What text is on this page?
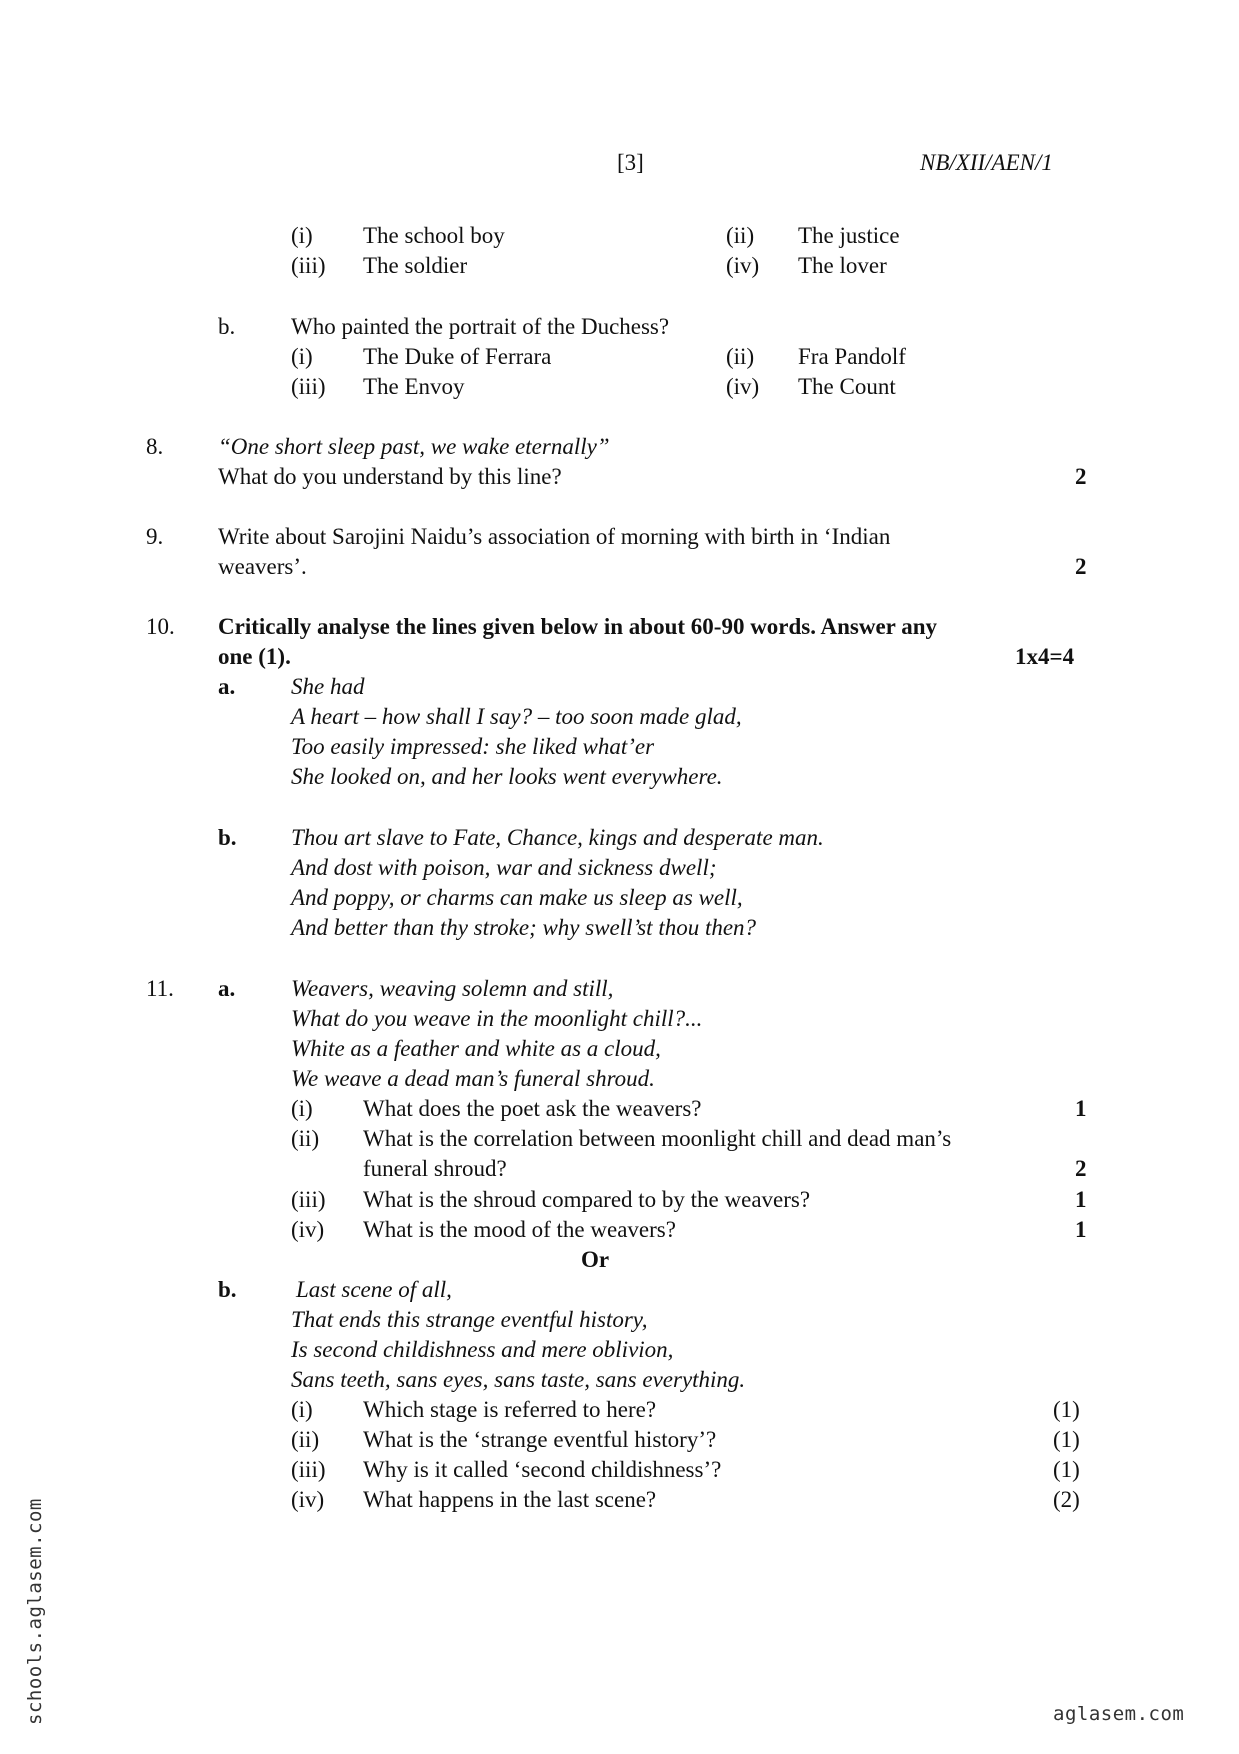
[3]	NB/XII/AEN/1
(i) The school boy	(ii) The justice
(iii) The soldier	(iv) The lover
b. Who painted the portrait of the Duchess?
(i) The Duke of Ferrara	(ii) Fra Pandolf
(iii) The Envoy	(iv) The Count
8. “One short sleep past, we wake eternally”
What do you understand by this line?	2
9. Write about Sarojini Naidu’s association of morning with birth in ‘Indian
weavers’.	2
10. Critically analyse the lines given below in about 60-90 words. Answer any
one (1).	1x4=4
a. She had
A heart – how shall I say? – too soon made glad,
Too easily impressed: she liked what’er
She looked on, and her looks went everywhere.
b. Thou art slave to Fate, Chance, kings and desperate man.
And dost with poison, war and sickness dwell;
And poppy, or charms can make us sleep as well,
And better than thy stroke; why swell’st thou then?
11. a. Weavers, weaving solemn and still,
What do you weave in the moonlight chill?...
White as a feather and white as a cloud,
We weave a dead man’s funeral shroud.
(i) What does the poet ask the weavers?	1
(ii) What is the correlation between moonlight chill and dead man’s
funeral shroud?	2
(iii) What is the shroud compared to by the weavers?	1
(iv) What is the mood of the weavers?	1
Or
b.	Last scene of all,
That ends this strange eventful history,
Is second childishness and mere oblivion,
Sans teeth, sans eyes, sans taste, sans everything.
(i) Which stage is referred to here?	(1)
(ii) What is the ‘strange eventful history’?	(1)
(iii) Why is it called ‘second childishness’?	(1)
(iv) What happens in the last scene?	(2)
schools.aglasem.com	aglasem.com
